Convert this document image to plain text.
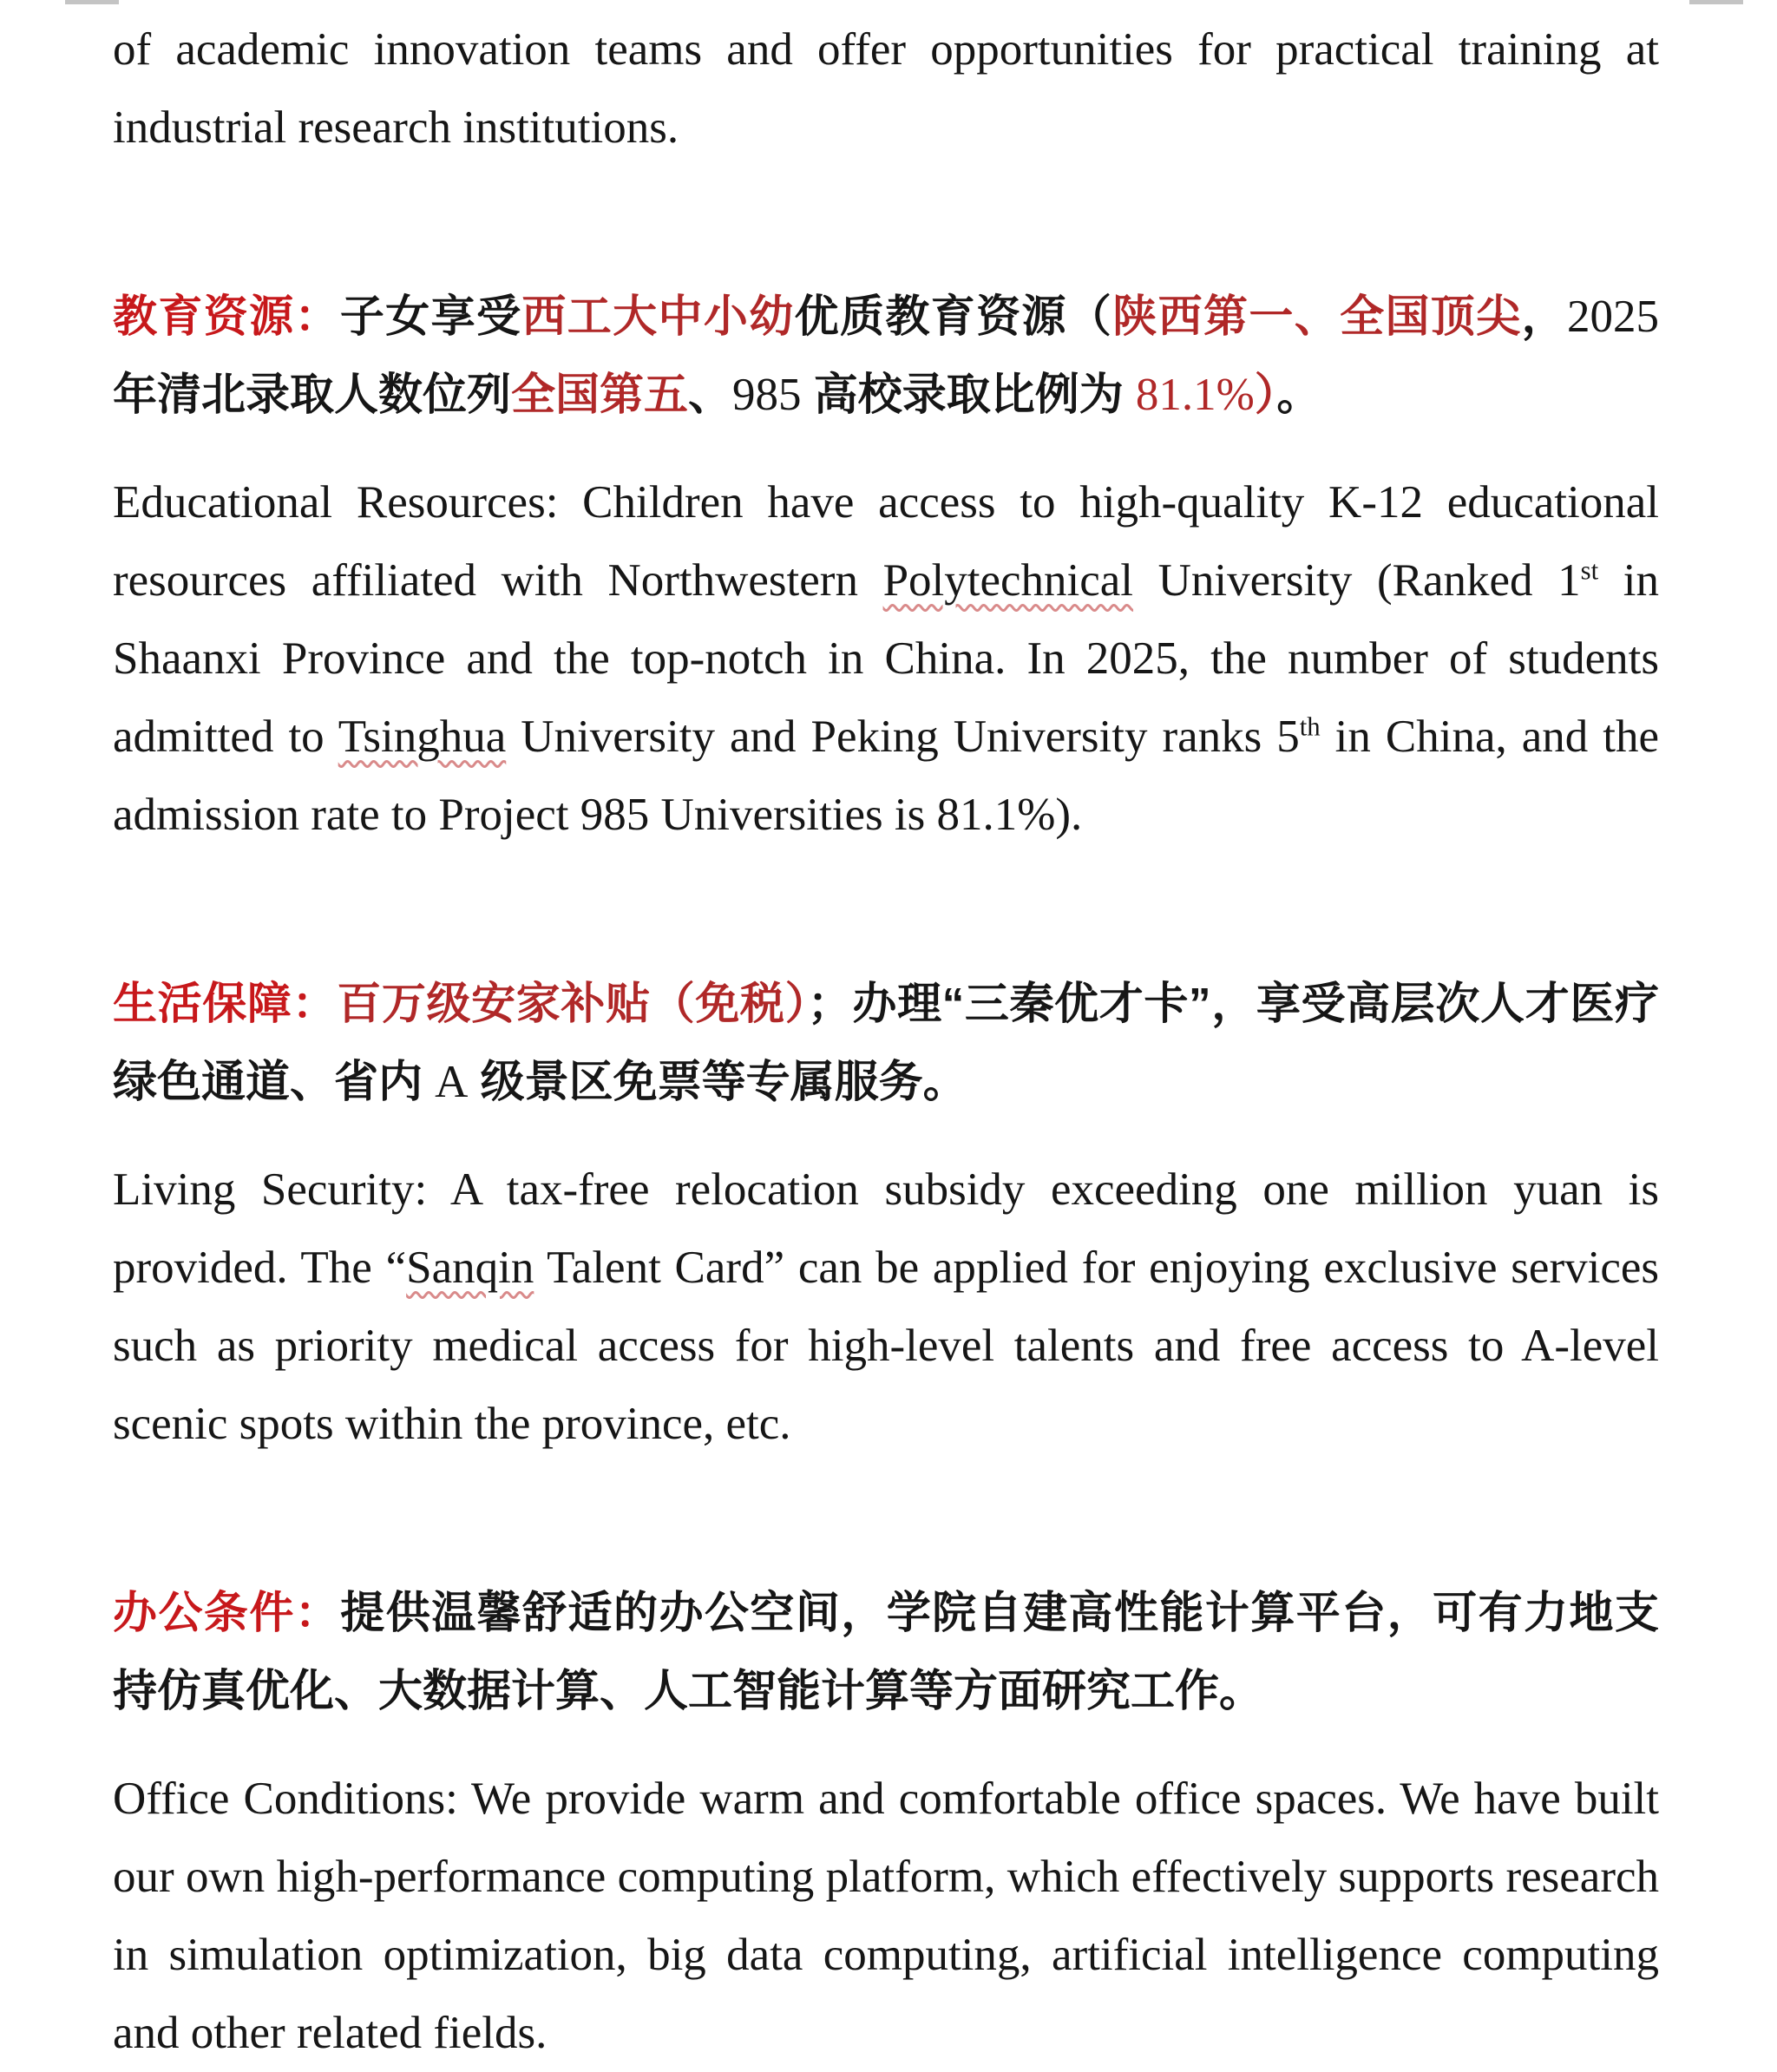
of academic innovation teams and offer opportunities for practical training at industrial research institutions.

教育资源：子女享受西工大中小幼优质教育资源（陕西第一、全国顶尖，2025 年清北录取人数位列全国第五、985 高校录取比例为 81.1%）。

Educational Resources: Children have access to high-quality K-12 educational resources affiliated with Northwestern Polytechnical University (Ranked 1st in Shaanxi Province and the top-notch in China. In 2025, the number of students admitted to Tsinghua University and Peking University ranks 5th in China, and the admission rate to Project 985 Universities is 81.1%).

生活保障：百万级安家补贴（免税）；办理“三秦优才卡”，享受高层次人才医疗绿色通道、省内 A 级景区免票等专属服务。

Living Security: A tax-free relocation subsidy exceeding one million yuan is provided. The “Sanqin Talent Card” can be applied for enjoying exclusive services such as priority medical access for high-level talents and free access to A-level scenic spots within the province, etc.

办公条件：提供温馨舒适的办公空间，学院自建高性能计算平台，可有力地支持仿真优化、大数据计算、人工智能计算等方面研究工作。

Office Conditions: We provide warm and comfortable office spaces. We have built our own high-performance computing platform, which effectively supports research in simulation optimization, big data computing, artificial intelligence computing and other related fields.
